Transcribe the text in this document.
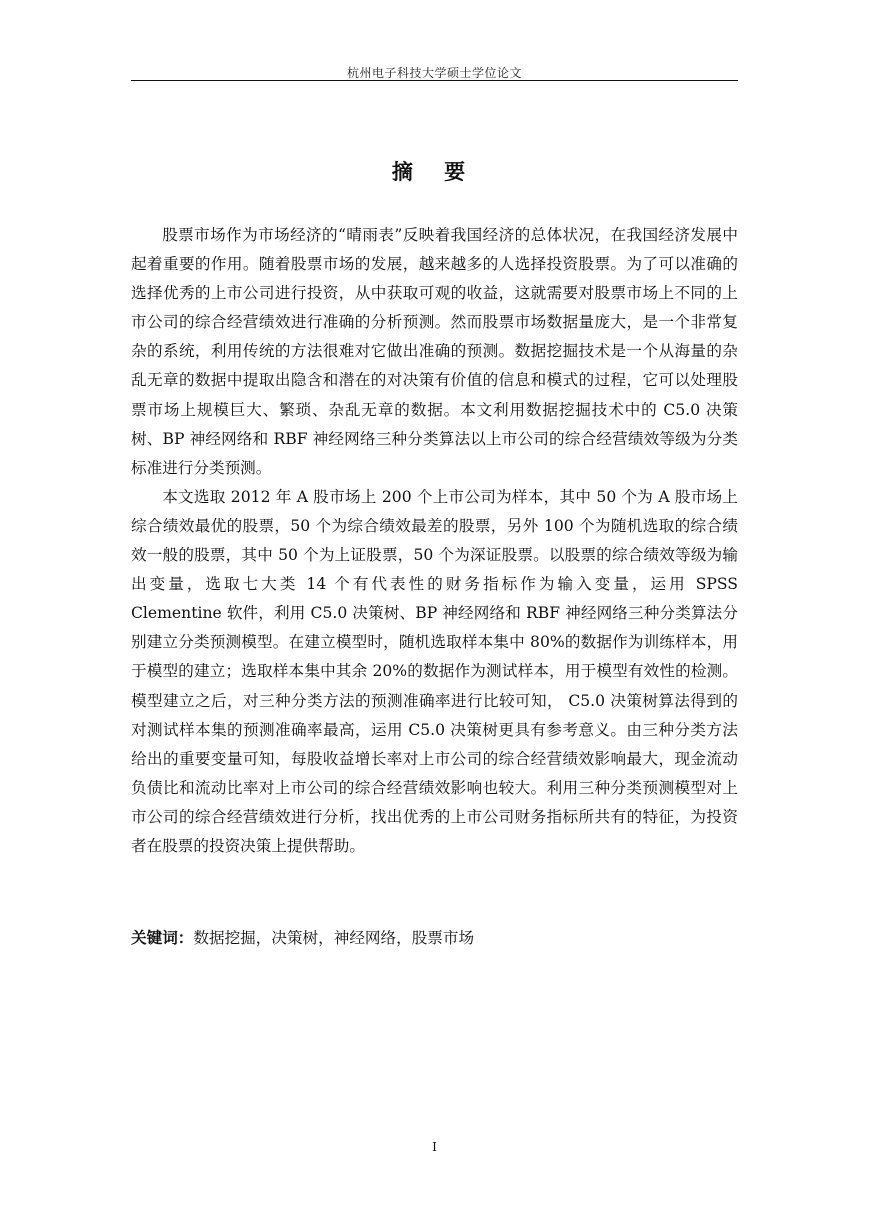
杭州电子科技大学硕士学位论文
摘 要

股票市场作为市场经济的“晴雨表”反映着我国经济的总体状况，在我国经济发展中起着重要的作用。随着股票市场的发展，越来越多的人选择投资股票。为了可以准确的选择优秀的上市公司进行投资，从中获取可观的收益，这就需要对股票市场上不同的上市公司的综合经营绩效进行准确的分析预测。然而股票市场数据量庞大，是一个非常复杂的系统，利用传统的方法很难对它做出准确的预测。数据挖掘技术是一个从海量的杂乱无章的数据中提取出隐含和潜在的对决策有价值的信息和模式的过程，它可以处理股票市场上规模巨大、繁琐、杂乱无章的数据。本文利用数据挖掘技术中的 C5.0 决策树、BP 神经网络和 RBF 神经网络三种分类算法以上市公司的综合经营绩效等级为分类标准进行分类预测。

本文选取 2012 年 A 股市场上 200 个上市公司为样本，其中 50 个为 A 股市场上综合绩效最优的股票，50 个为综合绩效最差的股票，另外 100 个为随机选取的综合绩效一般的股票，其中 50 个为上证股票，50 个为深证股票。以股票的综合绩效等级为输出变量，选取七大类 14 个有代表性的财务指标作为输入变量，运用 SPSS Clementine 软件，利用 C5.0 决策树、BP 神经网络和 RBF 神经网络三种分类算法分别建立分类预测模型。在建立模型时，随机选取样本集中 80%的数据作为训练样本，用于模型的建立；选取样本集中其余 20%的数据作为测试样本，用于模型有效性的检测。模型建立之后，对三种分类方法的预测准确率进行比较可知， C5.0 决策树算法得到的对测试样本集的预测准确率最高，运用 C5.0 决策树更具有参考意义。由三种分类方法给出的重要变量可知，每股收益增长率对上市公司的综合经营绩效影响最大，现金流动负债比和流动比率对上市公司的综合经营绩效影响也较大。利用三种分类预测模型对上市公司的综合经营绩效进行分析，找出优秀的上市公司财务指标所共有的特征，为投资者在股票的投资决策上提供帮助。

关键词：数据挖掘，决策树，神经网络，股票市场
I
